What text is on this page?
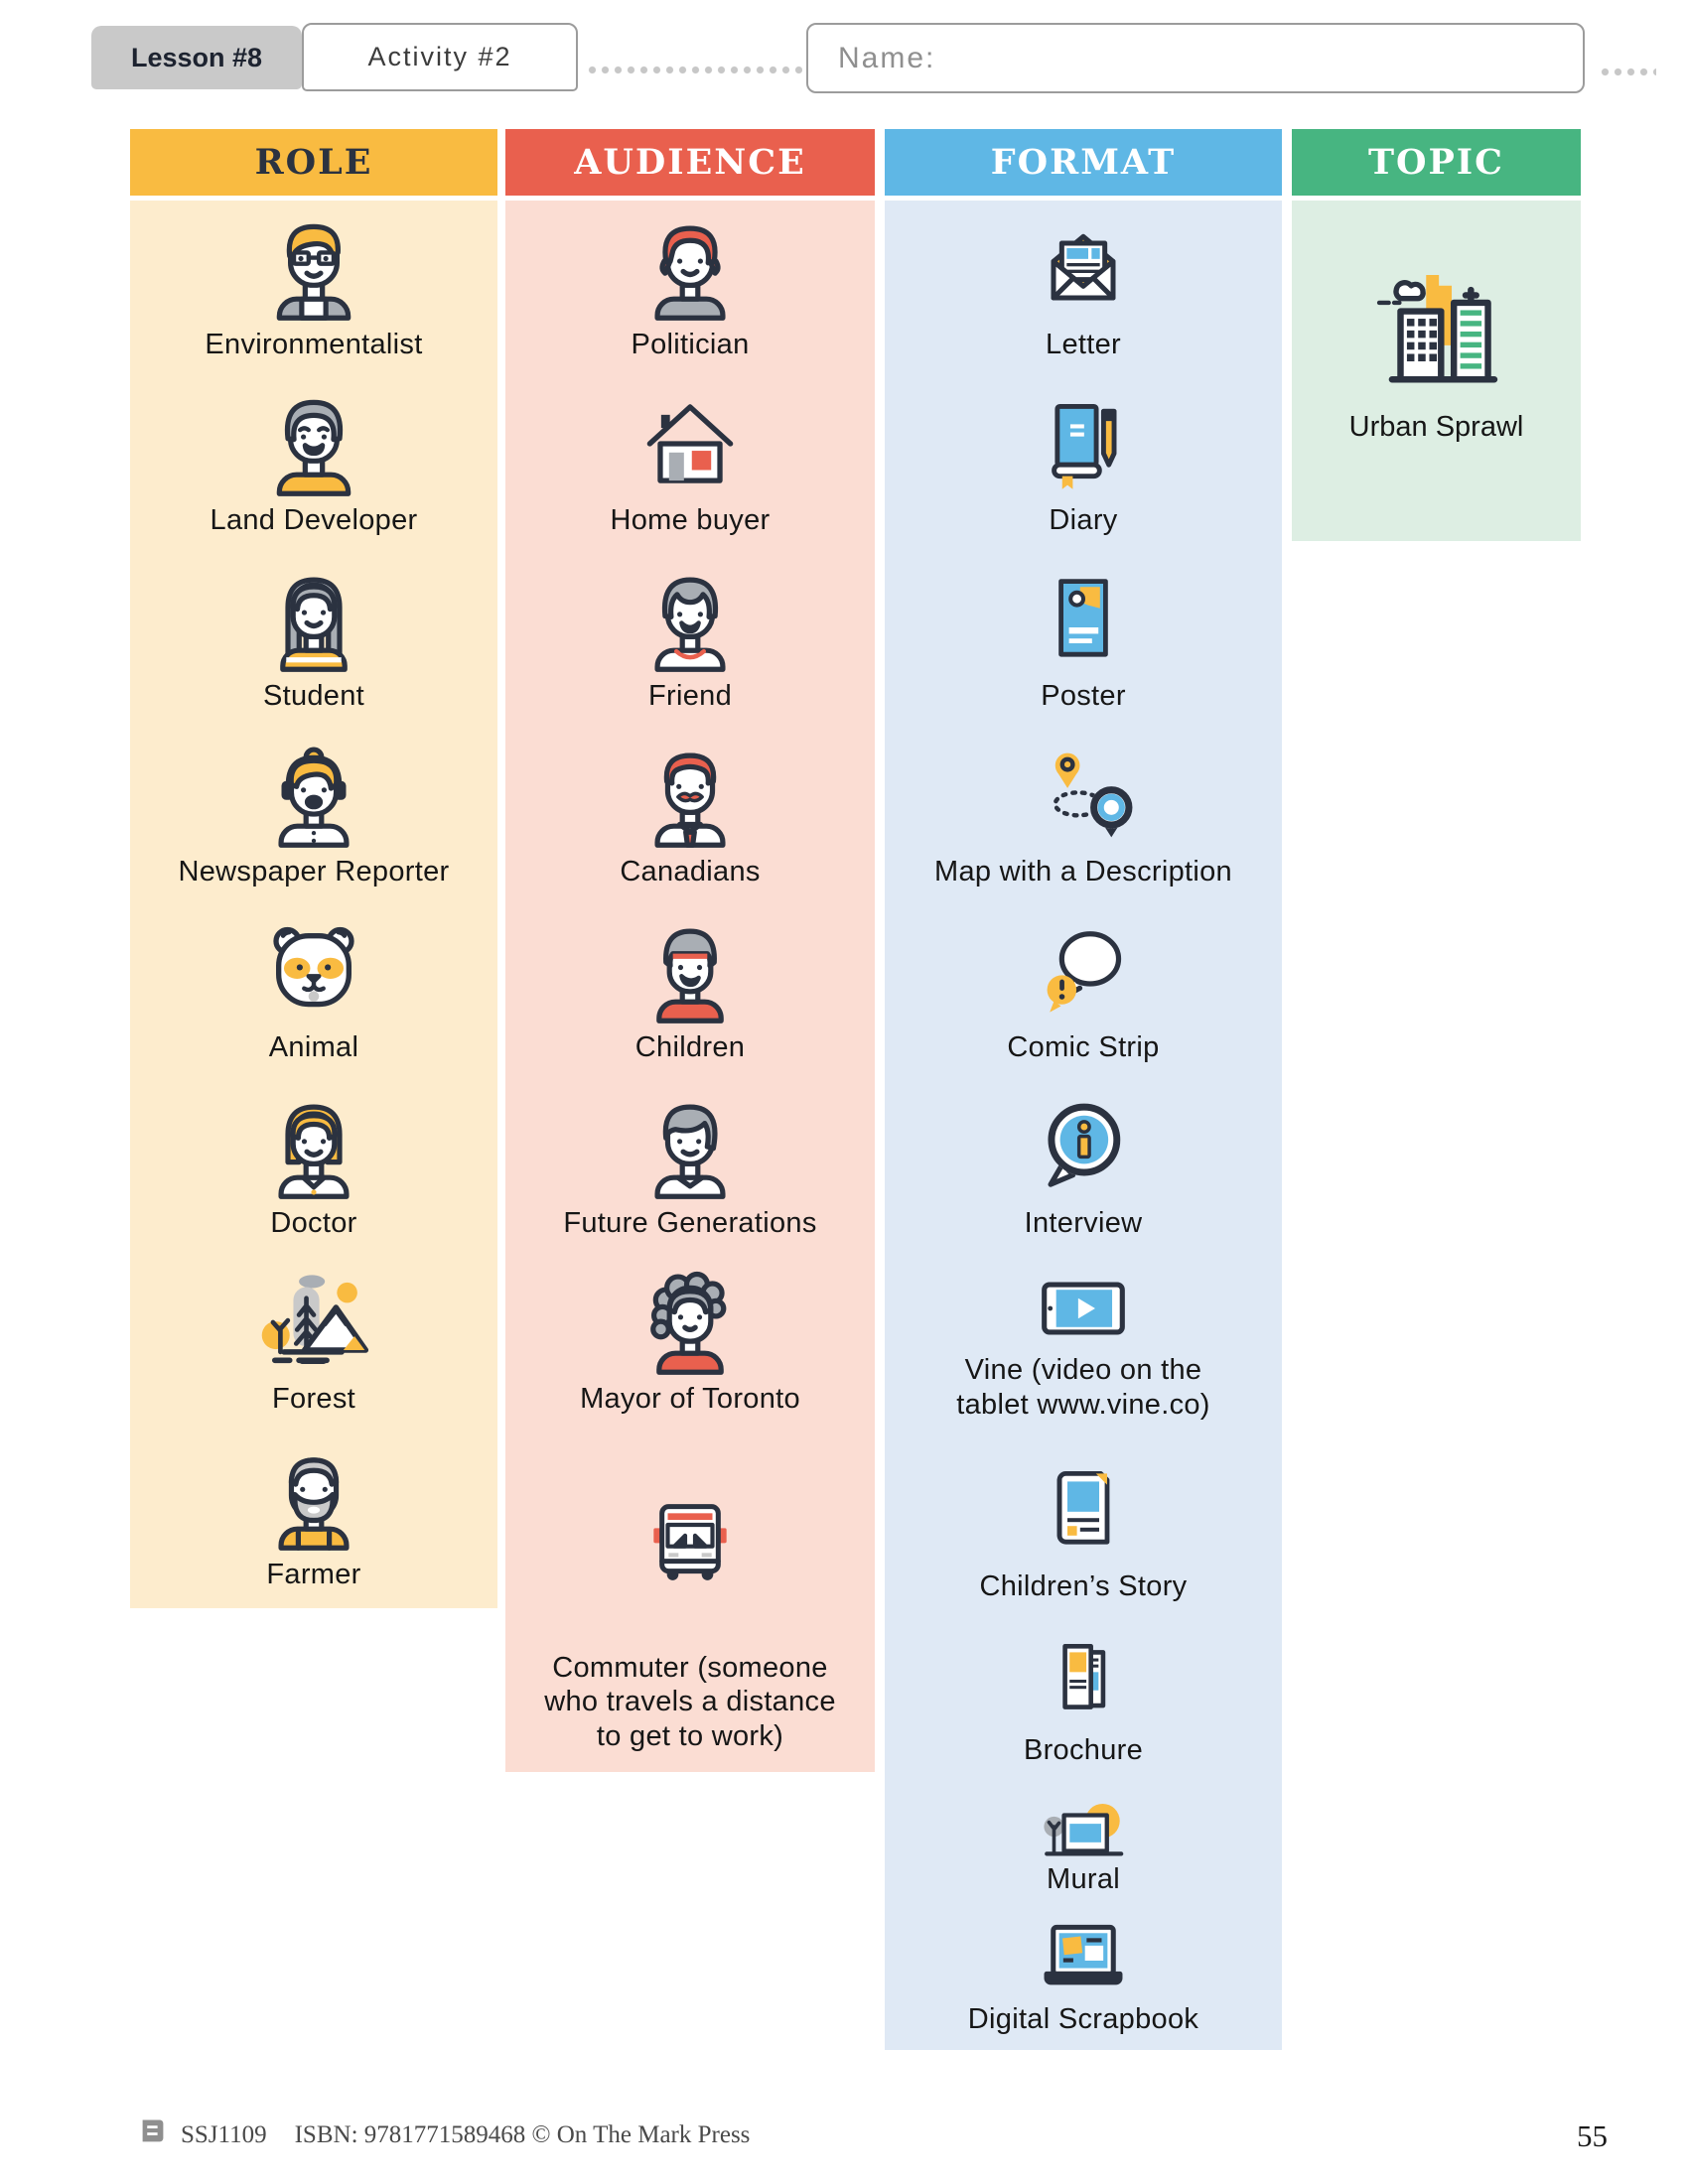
Lesson #8	Activity #2	Name:
ROLE
Environmentalist
Land Developer
Student
Newspaper Reporter
Animal
Doctor
Forest
Farmer
AUDIENCE
Politician
Home buyer
Friend
Canadians
Children
Future Generations
Mayor of Toronto
Commuter (someone who travels a distance to get to work)
FORMAT
Letter
Diary
Poster
Map with a Description
Comic Strip
Interview
Vine (video on the tablet www.vine.co)
Children’s Story
Brochure
Mural
Digital Scrapbook
TOPIC
Urban Sprawl
SSJ1109 ISBN: 9781771589468 © On The Mark Press	55
